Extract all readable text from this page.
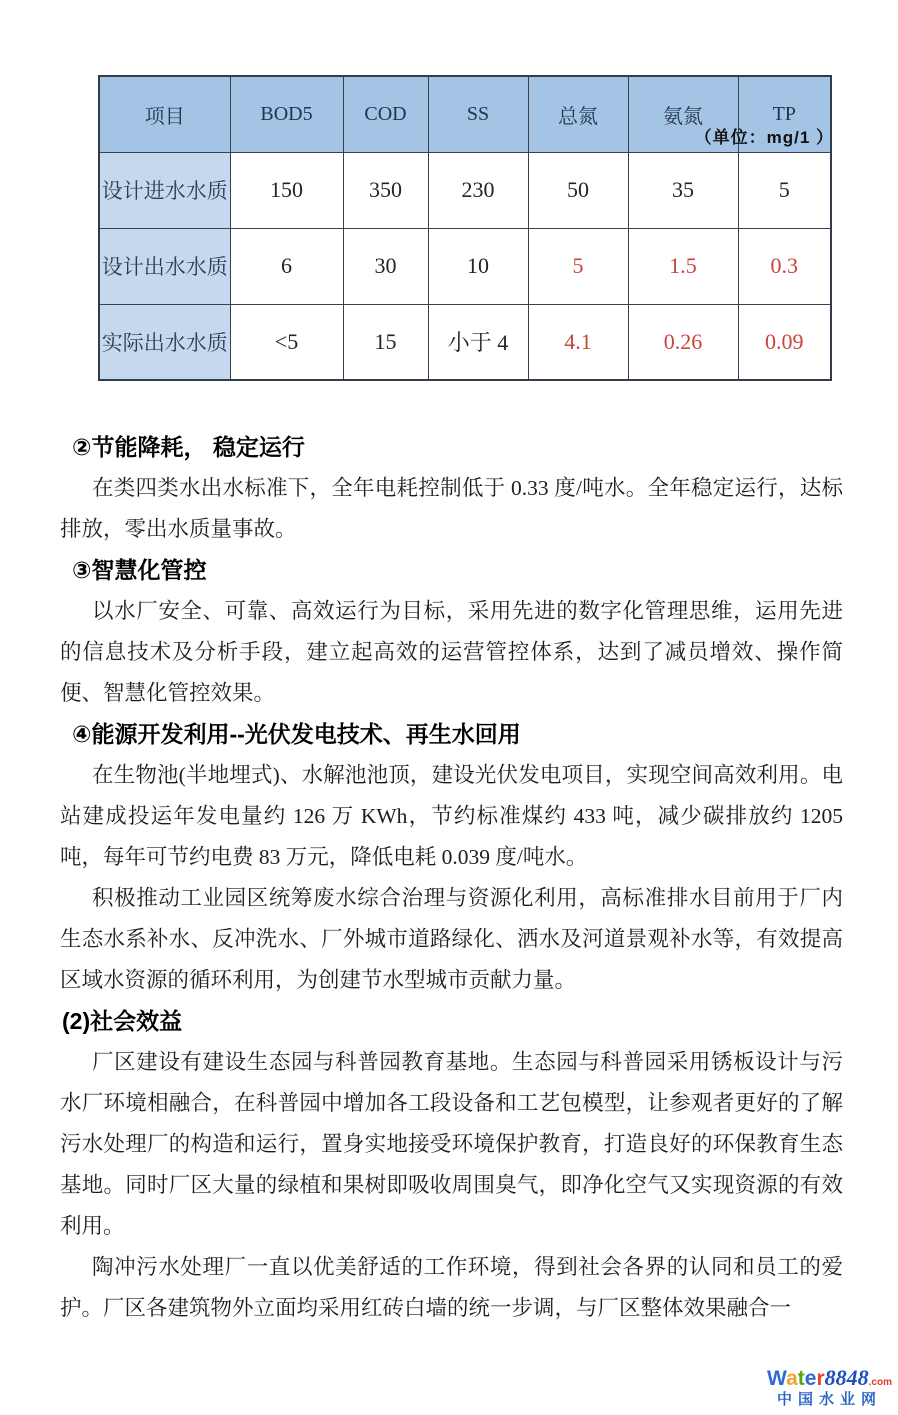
（单位：mg/1 ）
项目	BOD5	COD	SS	总氮	氨氮	TP
设计进水水质	150	350	230	50	35	5
设计出水水质	6	30	10	5	1.5	0.3
实际出水水质	<5	15	小于 4	4.1	0.26	0.09
②节能降耗， 稳定运行

在类四类水出水标准下，全年电耗控制低于 0.33 度/吨水。全年稳定运行，达标排放，零出水质量事故。

③智慧化管控

以水厂安全、可靠、高效运行为目标，采用先进的数字化管理思维，运用先进的信息技术及分析手段，建立起高效的运营管控体系，达到了减员增效、操作简便、智慧化管控效果。

④能源开发利用--光伏发电技术、再生水回用

在生物池(半地埋式)、水解池池顶，建设光伏发电项目，实现空间高效利用。电站建成投运年发电量约 126 万 KWh，节约标准煤约 433 吨，减少碳排放约 1205 吨，每年可节约电费 83 万元，降低电耗 0.039 度/吨水。

积极推动工业园区统筹废水综合治理与资源化利用，高标准排水目前用于厂内生态水系补水、反冲洗水、厂外城市道路绿化、洒水及河道景观补水等，有效提高区域水资源的循环利用，为创建节水型城市贡献力量。

(2)社会效益

厂区建设有建设生态园与科普园教育基地。生态园与科普园采用锈板设计与污水厂环境相融合，在科普园中增加各工段设备和工艺包模型，让参观者更好的了解污水处理厂的构造和运行，置身实地接受环境保护教育，打造良好的环保教育生态基地。同时厂区大量的绿植和果树即吸收周围臭气，即净化空气又实现资源的有效利用。

陶冲污水处理厂一直以优美舒适的工作环境，得到社会各界的认同和员工的爱护。厂区各建筑物外立面均采用红砖白墙的统一步调，与厂区整体效果融合一

Water8848.com
中国水业网
